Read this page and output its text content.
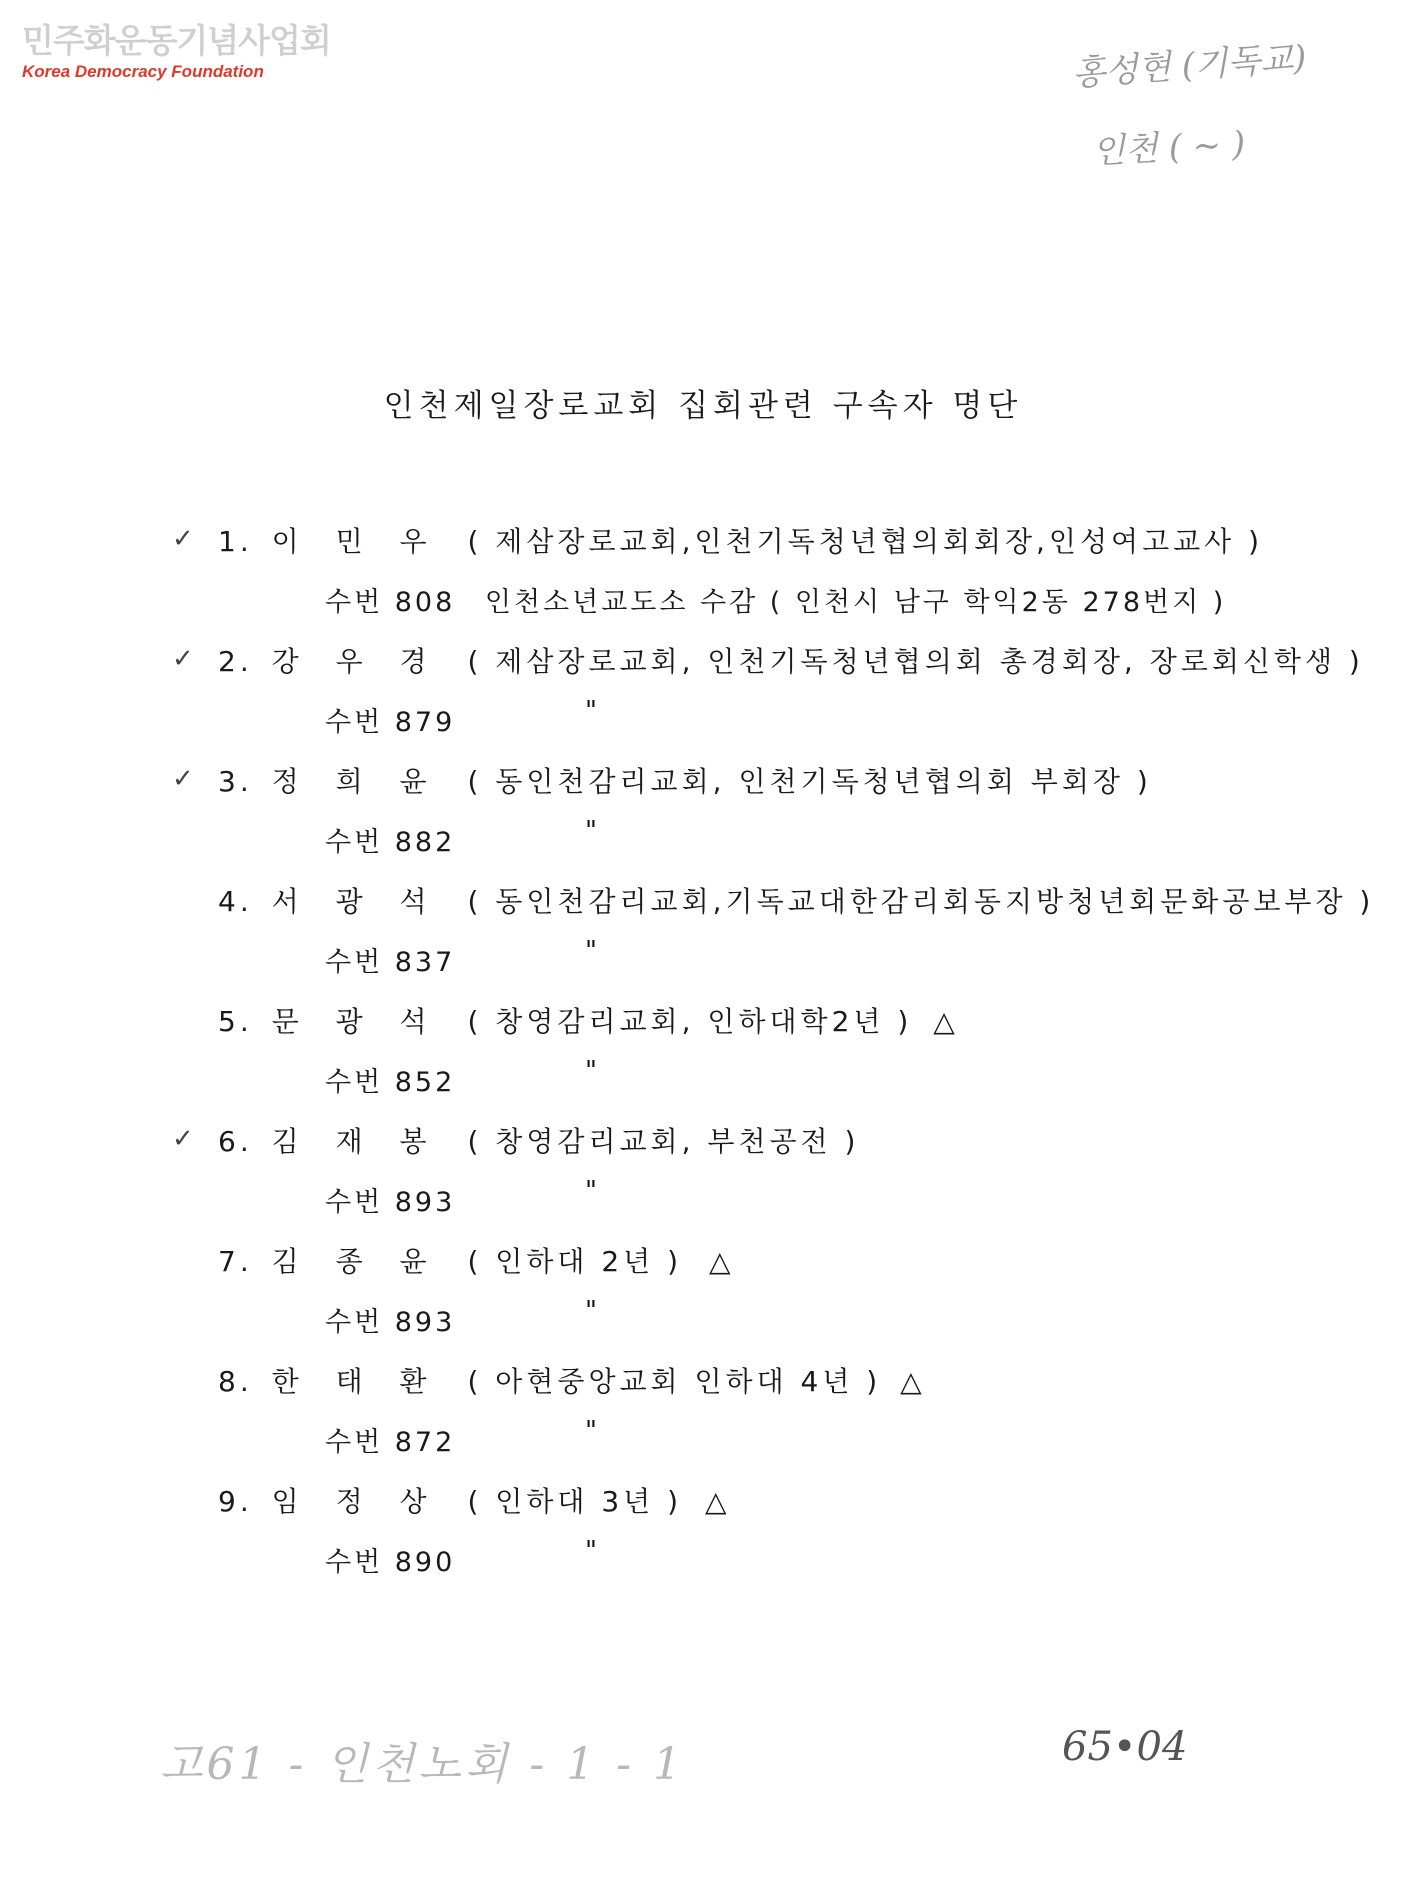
민주화운동기념사업회
Korea Democracy Foundation	홍성현 (기독교)
인천 ( ~ )
인천제일장로교회 집회관련 구속자 명단
✓ 1. 이 민 우 ( 제삼장로교회,인천기독청년협의회회장,인성여고교사 )
수번 808 인천소년교도소 수감 ( 인천시 남구 학익2동 278번지 )
✓ 2. 강 우 경 ( 제삼장로교회, 인천기독청년협의회 총경회장, 장로회신학생 )
수번 879	"
✓ 3. 정 희 윤 ( 동인천감리교회, 인천기독청년협의회 부회장 )
수번 882	"
4. 서 광 석 ( 동인천감리교회,기독교대한감리회동지방청년회문화공보부장 )
수번 837	"
5. 문 광 석 ( 창영감리교회, 인하대학2년 ) △
수번 852	"
✓ 6. 김 재 봉 ( 창영감리교회, 부천공전 )
수번 893	"
7. 김 종 윤 ( 인하대 2년 ) △
수번 893	"
8. 한 태 환 ( 아현중앙교회 인하대 4년 ) △
수번 872	"
9. 임 정 상 ( 인하대 3년 ) △
수번 890	"
고61 - 인천노회 - 1 - 1	65•04
